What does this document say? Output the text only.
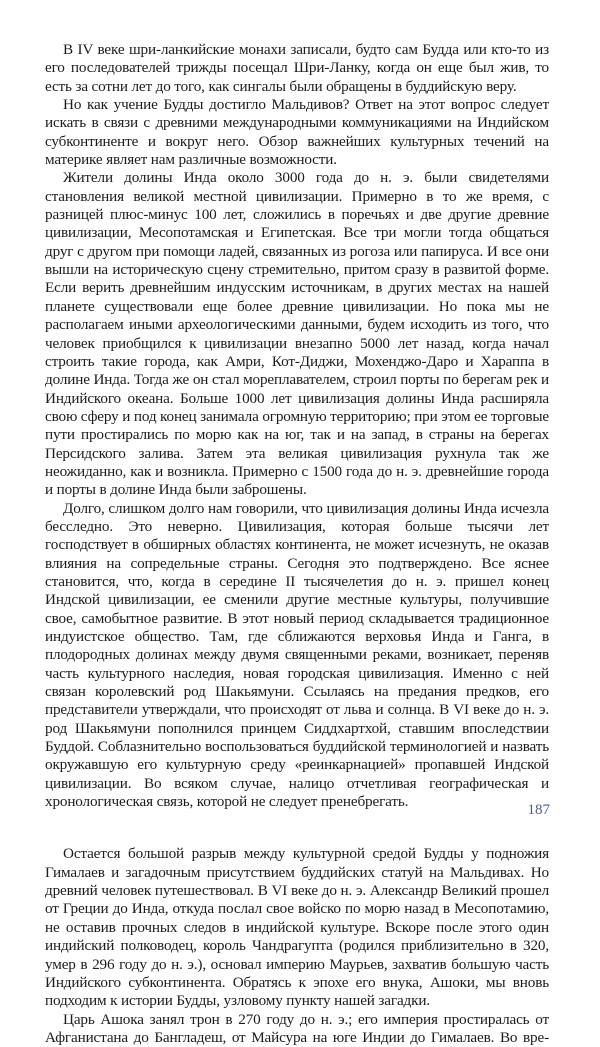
В IV веке шри-ланкийские монахи записали, будто сам Будда или кто-то из его последователей трижды посещал Шри-Ланку, когда он еще был жив, то есть за сотни лет до того, как сингалы были обращены в буддийскую веру.

Но как учение Будды достигло Мальдивов? Ответ на этот вопрос следует искать в связи с древними международными коммуникациями на Индийском субконтиненте и вокруг него. Обзор важнейших культурных течений на материке являет нам различные возможности.

Жители долины Инда около 3000 года до н. э. были свидетелями становления великой местной цивилизации. Примерно в то же время, с разницей плюс-минус 100 лет, сложились в поречьях и две другие древние цивилизации, Месопотамская и Египетская. Все три могли тогда общаться друг с другом при помощи ладей, связанных из рогоза или папируса. И все они вышли на историческую сцену стремительно, притом сразу в развитой форме. Если верить древнейшим индусским источникам, в других местах на нашей планете существовали еще более древние цивилизации. Но пока мы не располагаем иными археологическими данными, будем исходить из того, что человек приобщился к цивилизации внезапно 5000 лет назад, когда начал строить такие города, как Амри, Кот-Диджи, Мохенджо-Даро и Хараппа в долине Инда. Тогда же он стал мореплавателем, строил порты по берегам рек и Индийского океана. Больше 1000 лет цивилизация долины Инда расширяла свою сферу и под конец занимала огромную территорию; при этом ее торговые пути простирались по морю как на юг, так и на запад, в страны на берегах Персидского залива. Затем эта великая цивилизация рухнула так же неожиданно, как и возникла. Примерно с 1500 года до н. э. древнейшие города и порты в долине Инда были заброшены.

Долго, слишком долго нам говорили, что цивилизация долины Инда исчезла бесследно. Это неверно. Цивилизация, которая больше тысячи лет господствует в обширных областях континента, не может исчезнуть, не оказав влияния на сопредельные страны. Сегодня это подтверждено. Все яснее становится, что, когда в середине II тысячелетия до н. э. пришел конец Индской цивилизации, ее сменили другие местные культуры, получившие свое, самобытное развитие. В этот новый период складывается традиционное индуистское общество. Там, где сближаются верховья Инда и Ганга, в плодородных долинах между двумя священными реками, возникает, переняв часть культурного наследия, новая городская цивилизация. Именно с ней связан королевский род Шакьямуни. Ссылаясь на предания предков, его представители утверждали, что происходят от льва и солнца. В VI веке до н. э. род Шакьямуни пополнился принцем Сиддхартхой, ставшим впоследствии Буддой. Соблазнительно воспользоваться буддийской терминологией и назвать окружавшую его культурную среду «реинкарнацией» пропавшей Индской цивилизации. Во всяком случае, налицо отчетливая географическая и хронологическая связь, которой не следует пренебрегать.

Остается большой разрыв между культурной средой Будды у подножия Гималаев и загадочным присутствием буддийских статуй на Мальдивах. Но древний человек путешествовал. В VI веке до н. э. Александр Великий прошел от Греции до Инда, откуда послал свое войско по морю назад в Месопотамию, не оставив прочных следов в индийской культуре. Вскоре после этого один индийский полководец, король Чандрагупта (родился приблизительно в 320, умер в 296 году до н. э.), основал империю Маурьев, захватив большую часть Индийского субконтинента. Обратясь к эпохе его внука, Ашоки, мы вновь подходим к истории Будды, узловому пункту нашей загадки.

Царь Ашока занял трон в 270 году до н. э.; его империя простиралась от Афганистана до Бангладеш, от Майсура на юге Индии до Гималаев. Во вре-

187
